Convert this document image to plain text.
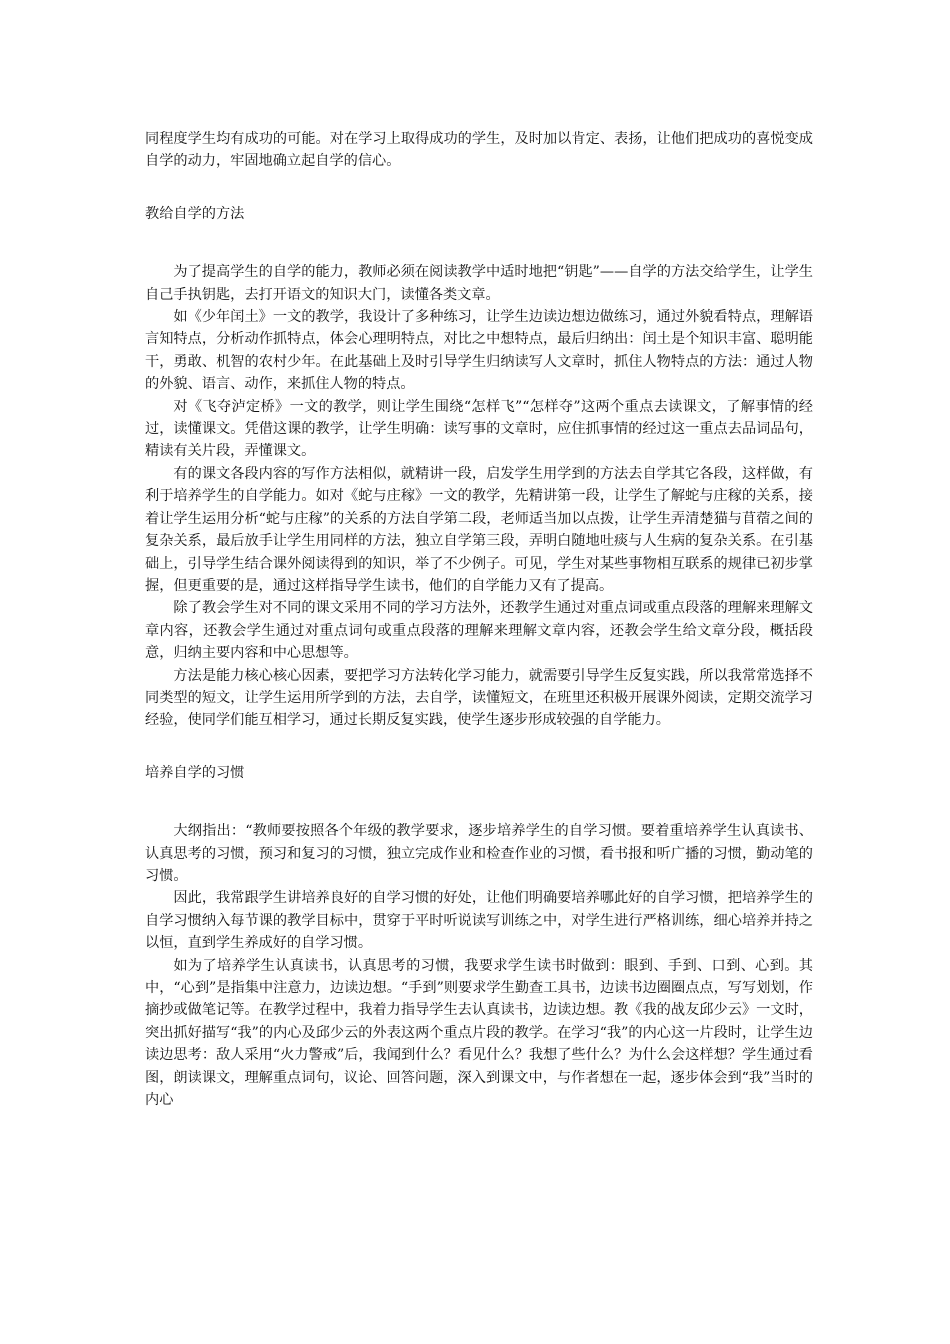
同程度学生均有成功的可能。对在学习上取得成功的学生，及时加以肯定、表扬，让他们把成功的喜悦变成自学的动力，牢固地确立起自学的信心。

教给自学的方法

为了提高学生的自学的能力，教师必须在阅读教学中适时地把“钥匙”——自学的方法交给学生，让学生自己手执钥匙，去打开语文的知识大门，读懂各类文章。

如《少年闰土》一文的教学，我设计了多种练习，让学生边读边想边做练习，通过外貌看特点，理解语言知特点，分析动作抓特点，体会心理明特点，对比之中想特点，最后归纳出：闰土是个知识丰富、聪明能干，勇敢、机智的农村少年。在此基础上及时引导学生归纳读写人文章时，抓住人物特点的方法：通过人物的外貌、语言、动作，来抓住人物的特点。

对《飞夺泸定桥》一文的教学，则让学生围绕“怎样飞”“怎样夺”这两个重点去读课文，了解事情的经过，读懂课文。凭借这课的教学，让学生明确：读写事的文章时，应住抓事情的经过这一重点去品词品句，精读有关片段，弄懂课文。

有的课文各段内容的写作方法相似，就精讲一段，启发学生用学到的方法去自学其它各段，这样做，有利于培养学生的自学能力。如对《蛇与庄稼》一文的教学，先精讲第一段，让学生了解蛇与庄稼的关系，接着让学生运用分析“蛇与庄稼”的关系的方法自学第二段，老师适当加以点拨，让学生弄清楚猫与苜蓿之间的复杂关系，最后放手让学生用同样的方法，独立自学第三段，弄明白随地吐痰与人生病的复杂关系。在引基础上，引导学生结合课外阅读得到的知识，举了不少例子。可见，学生对某些事物相互联系的规律已初步掌握，但更重要的是，通过这样指导学生读书，他们的自学能力又有了提高。

除了教会学生对不同的课文采用不同的学习方法外，还教学生通过对重点词或重点段落的理解来理解文章内容，还教会学生通过对重点词句或重点段落的理解来理解文章内容，还教会学生给文章分段，概括段意，归纳主要内容和中心思想等。

方法是能力核心核心因素，要把学习方法转化学习能力，就需要引导学生反复实践，所以我常常选择不同类型的短文，让学生运用所学到的方法，去自学，读懂短文，在班里还积极开展课外阅读，定期交流学习经验，使同学们能互相学习，通过长期反复实践，使学生逐步形成较强的自学能力。

培养自学的习惯

大纲指出：“教师要按照各个年级的教学要求，逐步培养学生的自学习惯。要着重培养学生认真读书、认真思考的习惯，预习和复习的习惯，独立完成作业和检查作业的习惯，看书报和听广播的习惯，勤动笔的习惯。

因此，我常跟学生讲培养良好的自学习惯的好处，让他们明确要培养哪此好的自学习惯，把培养学生的自学习惯纳入每节课的教学目标中，贯穿于平时听说读写训练之中，对学生进行严格训练，细心培养并持之以恒，直到学生养成好的自学习惯。

如为了培养学生认真读书，认真思考的习惯，我要求学生读书时做到：眼到、手到、口到、心到。其中，“心到”是指集中注意力，边读边想。“手到”则要求学生勤查工具书，边读书边圈圈点点，写写划划，作摘抄或做笔记等。在教学过程中，我着力指导学生去认真读书，边读边想。教《我的战友邱少云》一文时，突出抓好描写“我”的内心及邱少云的外表这两个重点片段的教学。在学习“我”的内心这一片段时，让学生边读边思考：敌人采用“火力警戒”后，我闻到什么？看见什么？我想了些什么？为什么会这样想？学生通过看图，朗读课文，理解重点词句，议论、回答问题，深入到课文中，与作者想在一起，逐步体会到“我”当时的内心
